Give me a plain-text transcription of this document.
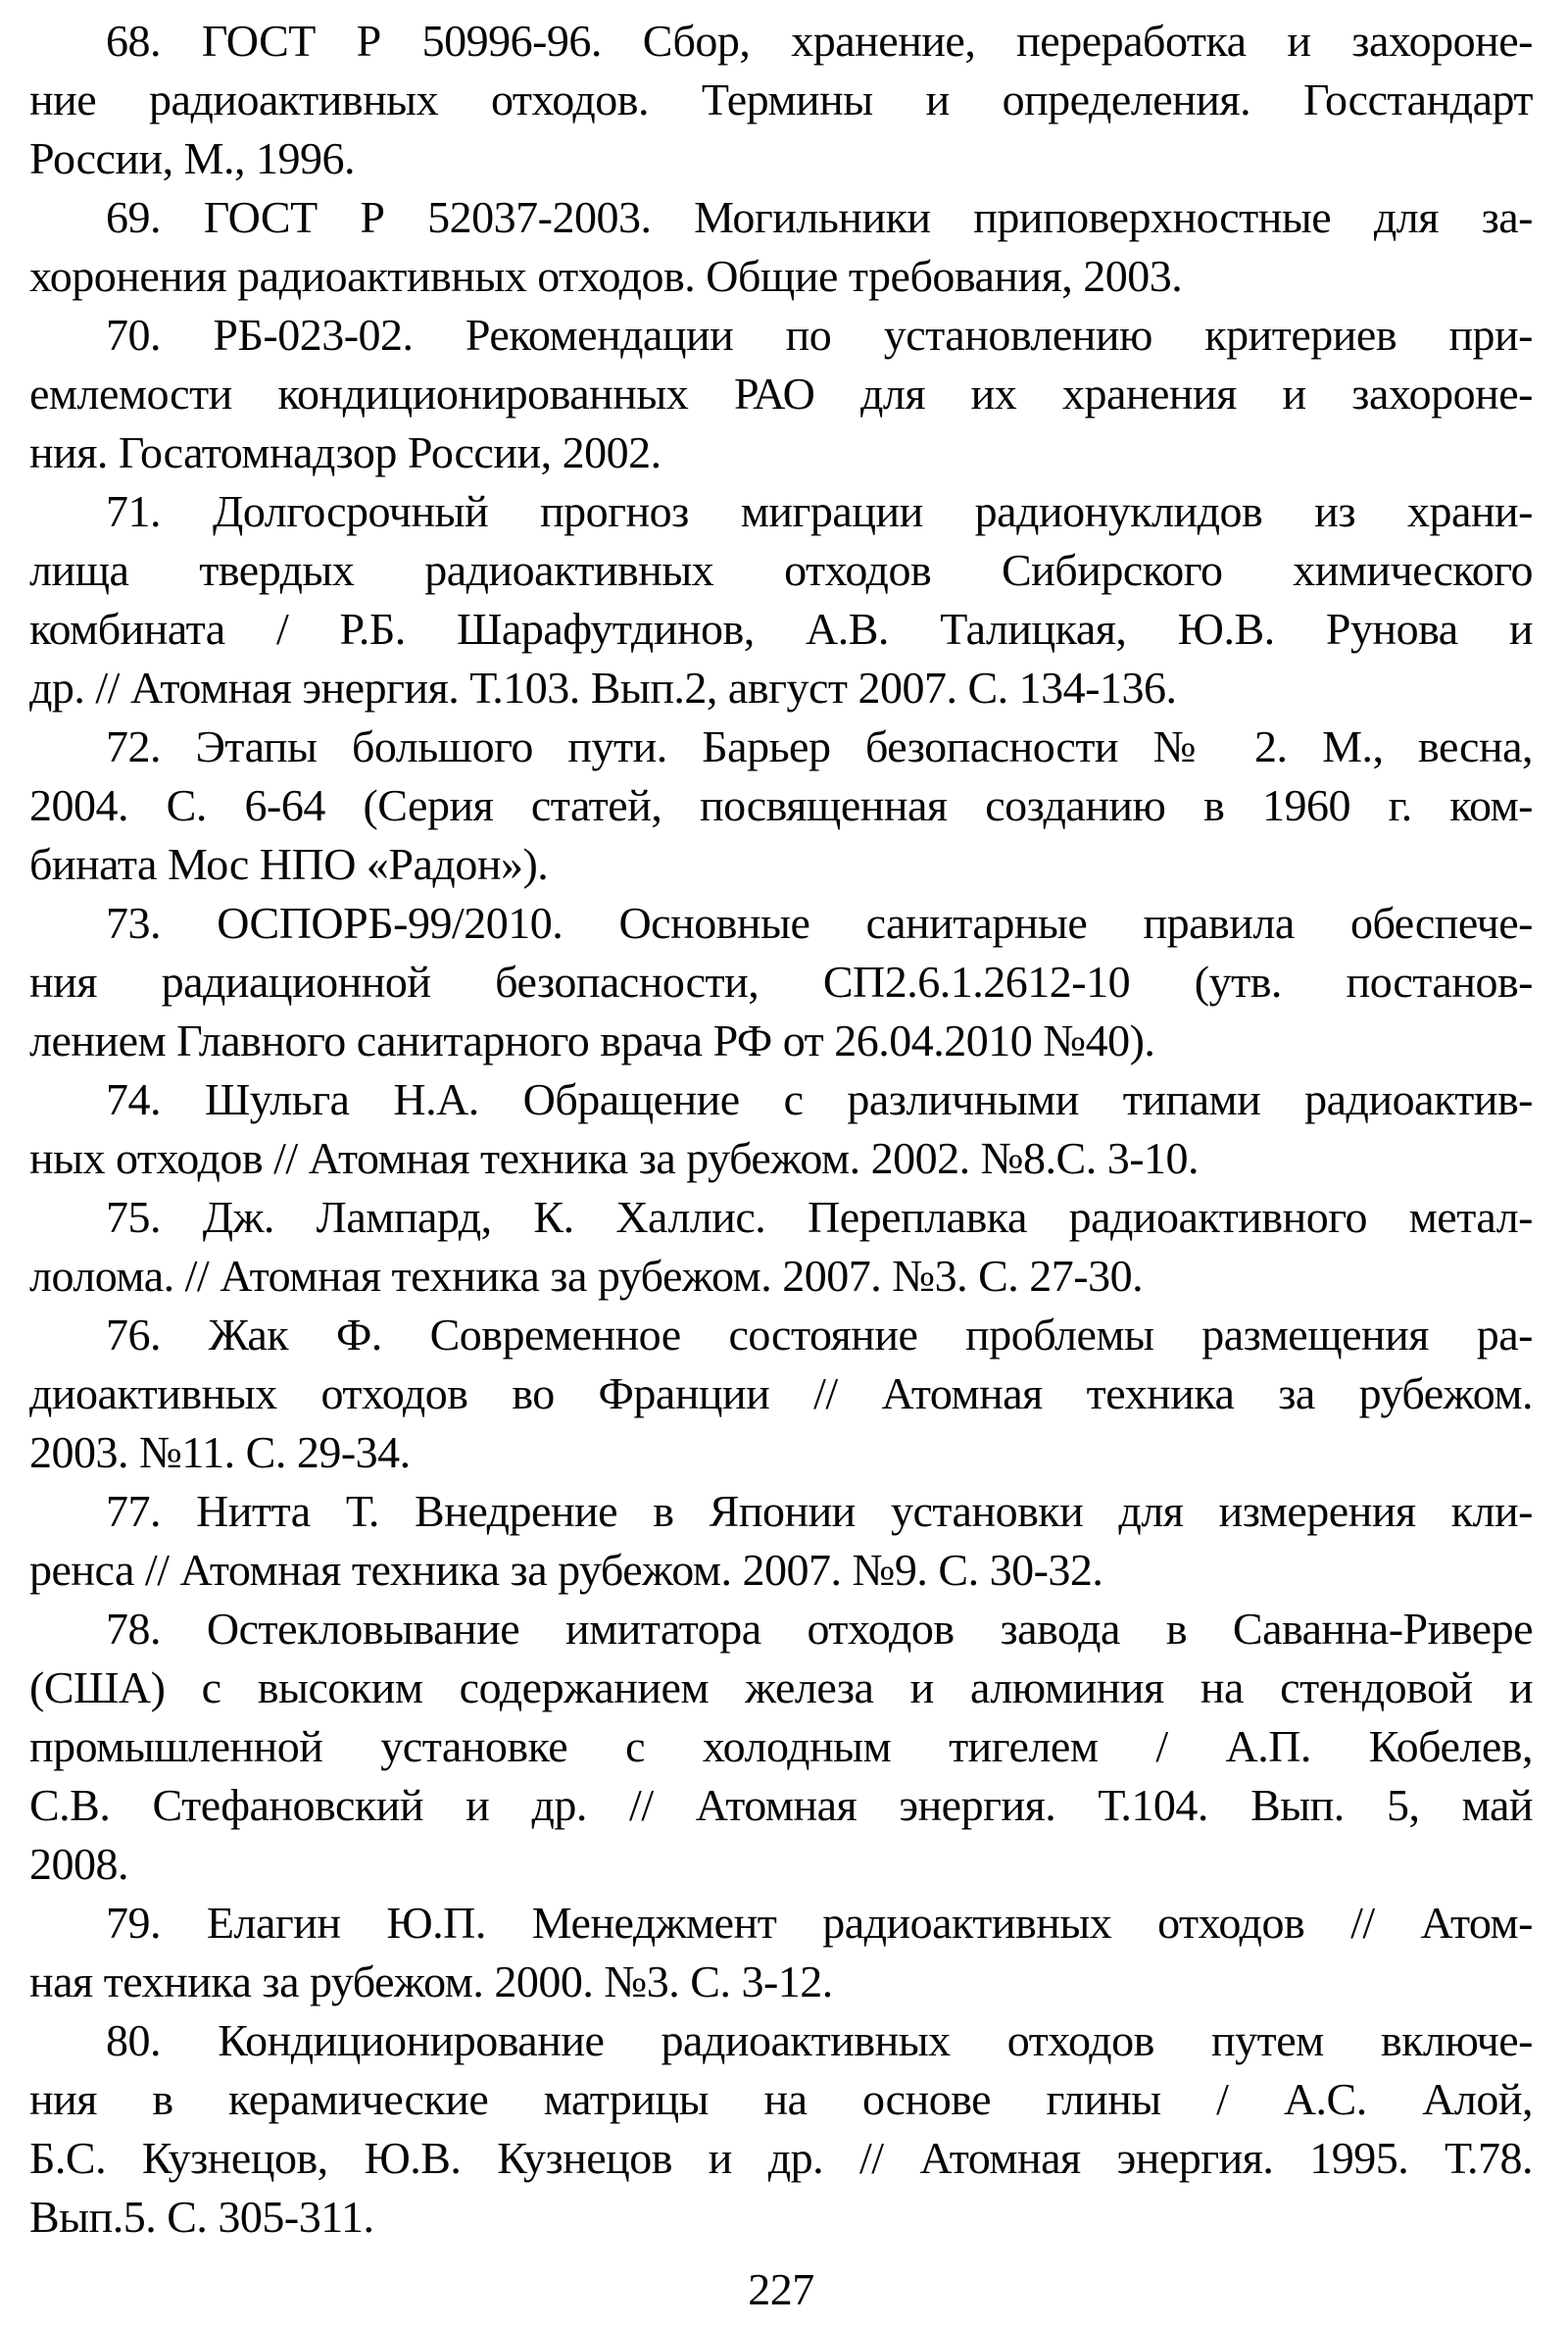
68. ГОСТ Р 50996-96. Сбор, хранение, переработка и захороне-
ние радиоактивных отходов. Термины и определения. Госстандарт
России, М., 1996.

69. ГОСТ Р 52037-2003. Могильники приповерхностные для за-
хоронения радиоактивных отходов. Общие требования, 2003.

70. РБ-023-02. Рекомендации по установлению критериев при-
емлемости кондиционированных РАО для их хранения и захороне-
ния. Госатомнадзор России, 2002.

71. Долгосрочный прогноз миграции радионуклидов из храни-
лища твердых радиоактивных отходов Сибирского химического
комбината / Р.Б. Шарафутдинов, А.В. Талицкая, Ю.В. Рунова и
др. // Атомная энергия. Т.103. Вып.2, август 2007. С. 134-136.

72. Этапы большого пути. Барьер безопасности № 2. М., весна,
2004. С. 6-64 (Серия статей, посвященная созданию в 1960 г. ком-
бината Мос НПО «Радон»).

73. ОСПОРБ-99/2010. Основные санитарные правила обеспече-
ния радиационной безопасности, СП2.6.1.2612-10 (утв. постанов-
лением Главного санитарного врача РФ от 26.04.2010 №40).

74. Шульга Н.А. Обращение с различными типами радиоактив-
ных отходов // Атомная техника за рубежом. 2002. №8.С. 3-10.

75. Дж. Лампард, К. Халлис. Переплавка радиоактивного метал-
лолома. // Атомная техника за рубежом. 2007. №3. С. 27-30.

76. Жак Ф. Современное состояние проблемы размещения ра-
диоактивных отходов во Франции // Атомная техника за рубежом.
2003. №11. С. 29-34.

77. Нитта Т. Внедрение в Японии установки для измерения кли-
ренса // Атомная техника за рубежом. 2007. №9. С. 30-32.

78. Остекловывание имитатора отходов завода в Саванна-Ривере
(США) с высоким содержанием железа и алюминия на стендовой и
промышленной установке с холодным тигелем / А.П. Кобелев,
С.В. Стефановский и др. // Атомная энергия. Т.104. Вып. 5, май
2008.

79. Елагин Ю.П. Менеджмент радиоактивных отходов // Атом-
ная техника за рубежом. 2000. №3. С. 3-12.

80. Кондиционирование радиоактивных отходов путем включе-
ния в керамические матрицы на основе глины / А.С. Алой,
Б.С. Кузнецов, Ю.В. Кузнецов и др. // Атомная энергия. 1995. Т.78.
Вып.5. С. 305-311.

227
